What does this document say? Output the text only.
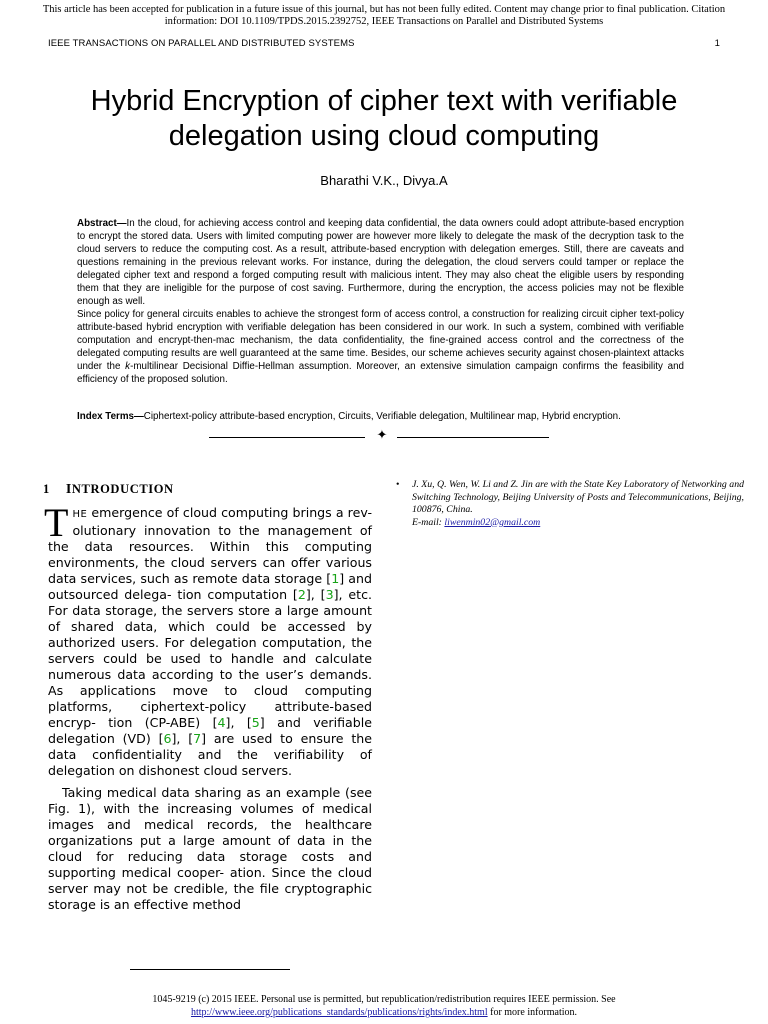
This article has been accepted for publication in a future issue of this journal, but has not been fully edited. Content may change prior to final publication. Citation
information: DOI 10.1109/TPDS.2015.2392752, IEEE Transactions on Parallel and Distributed Systems
IEEE TRANSACTIONS ON PARALLEL AND DISTRIBUTED SYSTEMS	1
Hybrid Encryption of cipher text with verifiable
delegation using cloud computing
Bharathi V.K., Divya.A

Abstract—In the cloud, for achieving access control and keeping data confidential, the data owners could adopt attribute-based encryption to encrypt the stored data. Users with limited computing power are however more likely to delegate the mask of the decryption task to the cloud servers to reduce the computing cost. As a result, attribute-based encryption with delegation emerges. Still, there are caveats and questions remaining in the previous relevant works. For instance, during the delegation, the cloud servers could tamper or replace the delegated cipher text and respond a forged computing result with malicious intent. They may also cheat the eligible users by responding them that they are ineligible for the purpose of cost saving. Furthermore, during the encryption, the access policies may not be flexible enough as well.

Since policy for general circuits enables to achieve the strongest form of access control, a construction for realizing circuit cipher text-policy attribute-based hybrid encryption with verifiable delegation has been considered in our work. In such a system, combined with verifiable computation and encrypt-then-mac mechanism, the data confidentiality, the fine-grained access control and the correctness of the delegated computing results are well guaranteed at the same time. Besides, our scheme achieves security against chosen-plaintext attacks under the k-multilinear Decisional Diffie-Hellman assumption. Moreover, an extensive simulation campaign confirms the feasibility and efficiency of the proposed solution.

Index Terms—Ciphertext-policy attribute-based encryption, Circuits, Verifiable delegation, Multilinear map, Hybrid encryption.
✦
1 INTRODUCTION

THE emergence of cloud computing brings a rev- olutionary innovation to the management of the data resources. Within this computing environments, the cloud servers can offer various data services, such as remote data storage [1] and outsourced delega- tion computation [2], [3], etc. For data storage, the servers store a large amount of shared data, which could be accessed by authorized users. For delegation computation, the servers could be used to handle and calculate numerous data according to the user’s demands. As applications move to cloud computing platforms, ciphertext-policy attribute-based encryp- tion (CP-ABE) [4], [5] and verifiable delegation (VD) [6], [7] are used to ensure the data confidentiality and the verifiability of delegation on dishonest cloud servers.

Taking medical data sharing as an example (see Fig. 1), with the increasing volumes of medical images and medical records, the healthcare organizations put a large amount of data in the cloud for reducing data storage costs and supporting medical cooper- ation. Since the cloud server may not be credible, the file cryptographic storage is an effective method

• J. Xu, Q. Wen, W. Li and Z. Jin are with the State Key Laboratory of Networking and Switching Technology, Beijing University of Posts and Telecommunications, Beijing, 100876, China.
E-mail: liwenmin02@gmail.com
1045-9219 (c) 2015 IEEE. Personal use is permitted, but republication/redistribution requires IEEE permission. See
http://www.ieee.org/publications_standards/publications/rights/index.html for more information.
